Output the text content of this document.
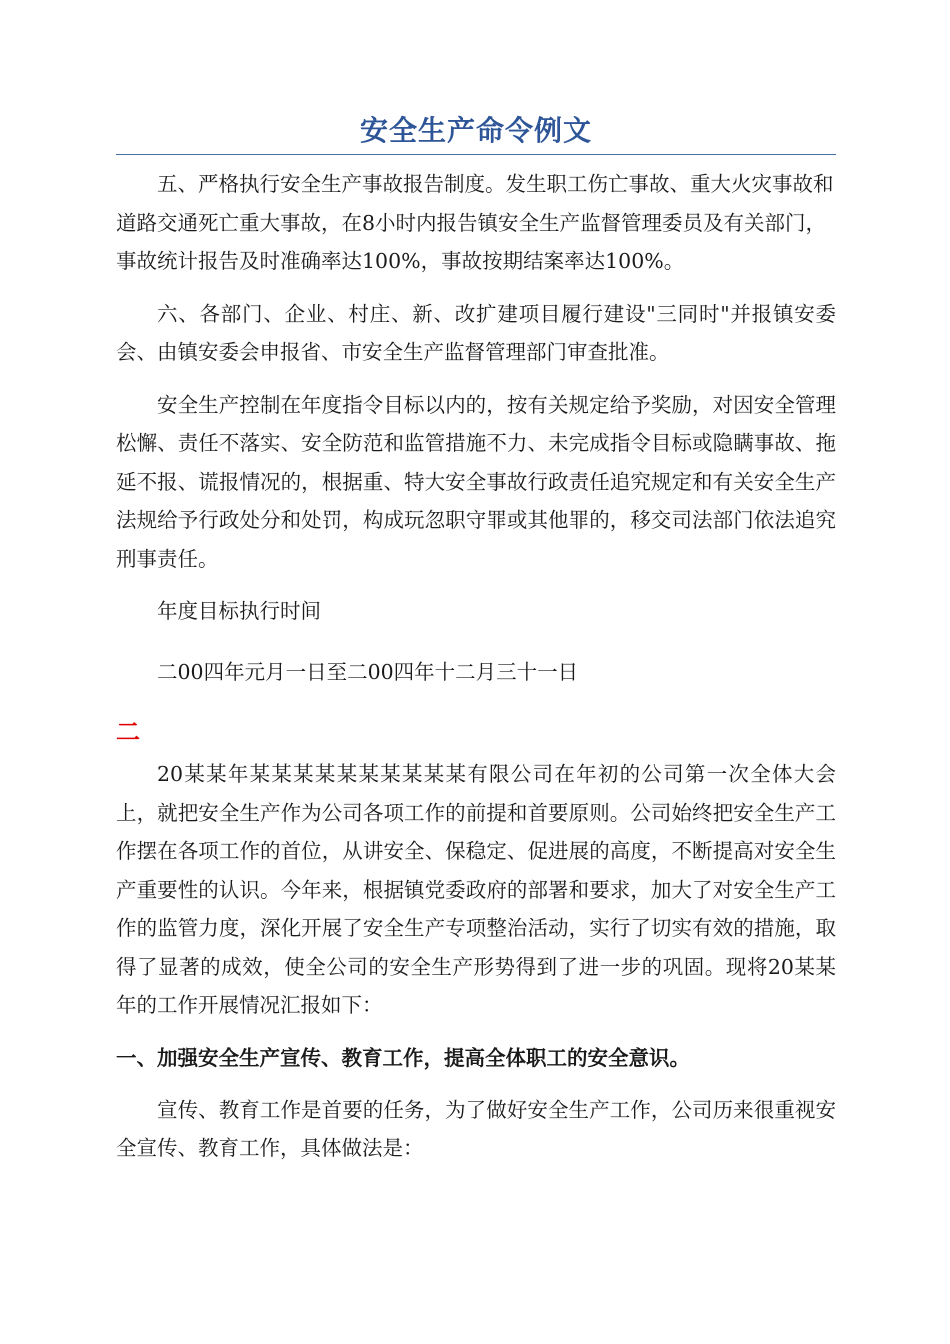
安全生产命令例文

五、严格执行安全生产事故报告制度。发生职工伤亡事故、重大火灾事故和道路交通死亡重大事故，在8小时内报告镇安全生产监督管理委员及有关部门，事故统计报告及时准确率达100%，事故按期结案率达100%。

六、各部门、企业、村庄、新、改扩建项目履行建设"三同时"并报镇安委会、由镇安委会申报省、市安全生产监督管理部门审查批准。

安全生产控制在年度指令目标以内的，按有关规定给予奖励，对因安全管理松懈、责任不落实、安全防范和监管措施不力、未完成指令目标或隐瞒事故、拖延不报、谎报情况的，根据重、特大安全事故行政责任追究规定和有关安全生产法规给予行政处分和处罚，构成玩忽职守罪或其他罪的，移交司法部门依法追究刑事责任。

年度目标执行时间

二00四年元月一日至二00四年十二月三十一日

二

20某某年某某某某某某某某某某有限公司在年初的公司第一次全体大会上，就把安全生产作为公司各项工作的前提和首要原则。公司始终把安全生产工作摆在各项工作的首位，从讲安全、保稳定、促进展的高度，不断提高对安全生产重要性的认识。今年来，根据镇党委政府的部署和要求，加大了对安全生产工作的监管力度，深化开展了安全生产专项整治活动，实行了切实有效的措施，取得了显著的成效，使全公司的安全生产形势得到了进一步的巩固。现将20某某年的工作开展情况汇报如下：

一、加强安全生产宣传、教育工作，提高全体职工的安全意识。

宣传、教育工作是首要的任务，为了做好安全生产工作，公司历来很重视安全宣传、教育工作，具体做法是：
